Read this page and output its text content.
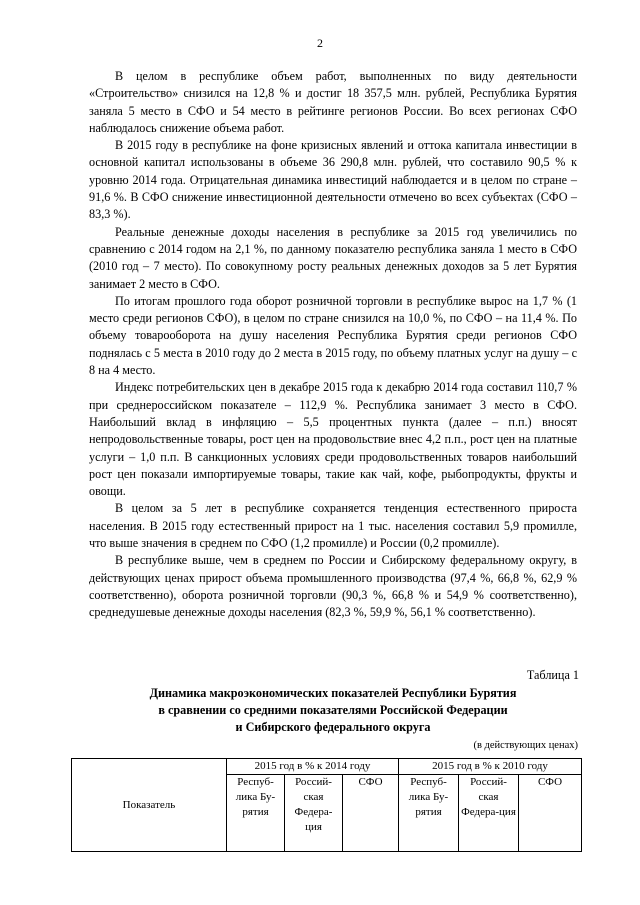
2

В целом в республике объем работ, выполненных по виду деятельности «Строительство» снизился на 12,8 % и достиг 18 357,5 млн. рублей, Республика Бурятия заняла 5 место в СФО и 54 место в рейтинге регионов России. Во всех регионах СФО наблюдалось снижение объема работ.

В 2015 году в республике на фоне кризисных явлений и оттока капитала инвестиции в основной капитал использованы в объеме 36 290,8 млн. рублей, что составило 90,5 % к уровню 2014 года. Отрицательная динамика инвестиций наблюдается и в целом по стране – 91,6 %. В СФО снижение инвестиционной деятельности отмечено во всех субъектах (СФО – 83,3 %).

Реальные денежные доходы населения в республике за 2015 год увеличились по сравнению с 2014 годом на 2,1 %, по данному показателю республика заняла 1 место в СФО (2010 год – 7 место). По совокупному росту реальных денежных доходов за 5 лет Бурятия занимает 2 место в СФО.

По итогам прошлого года оборот розничной торговли в республике вырос на 1,7 % (1 место среди регионов СФО), в целом по стране снизился на 10,0 %, по СФО – на 11,4 %. По объему товарооборота на душу населения Республика Бурятия среди регионов СФО поднялась с 5 места в 2010 году до 2 места в 2015 году, по объему платных услуг на душу – с 8 на 4 место.

Индекс потребительских цен в декабре 2015 года к декабрю 2014 года составил 110,7 % при среднероссийском показателе – 112,9 %. Республика занимает 3 место в СФО. Наибольший вклад в инфляцию – 5,5 процентных пункта (далее – п.п.) вносят непродовольственные товары, рост цен на продовольствие внес 4,2 п.п., рост цен на платные услуги – 1,0 п.п. В санкционных условиях среди продовольственных товаров наибольший рост цен показали импортируемые товары, такие как чай, кофе, рыбопродукты, фрукты и овощи.

В целом за 5 лет в республике сохраняется тенденция естественного прироста населения. В 2015 году естественный прирост на 1 тыс. населения составил 5,9 промилле, что выше значения в среднем по СФО (1,2 промилле) и России (0,2 промилле).

В республике выше, чем в среднем по России и Сибирскому федеральному округу, в действующих ценах прирост объема промышленного производства (97,4 %, 66,8 %, 62,9 % соответственно), оборота розничной торговли (90,3 %, 66,8 % и 54,9 % соответственно), среднедушевые денежные доходы населения (82,3 %, 59,9 %, 56,1 % соответственно).

Таблица 1
Динамика макроэкономических показателей Республики Бурятия
в сравнении со средними показателями Российской Федерации
и Сибирского федерального округа
(в действующих ценах)
Показатель	2015 год в % к 2014 году			2015 год в % к 2010 году		
	Респуб-лика Бу-рятия	Россий-ская Федера-ция	СФО	Респуб-лика Бу-рятия	Россий-ская Федера-ция	СФО
